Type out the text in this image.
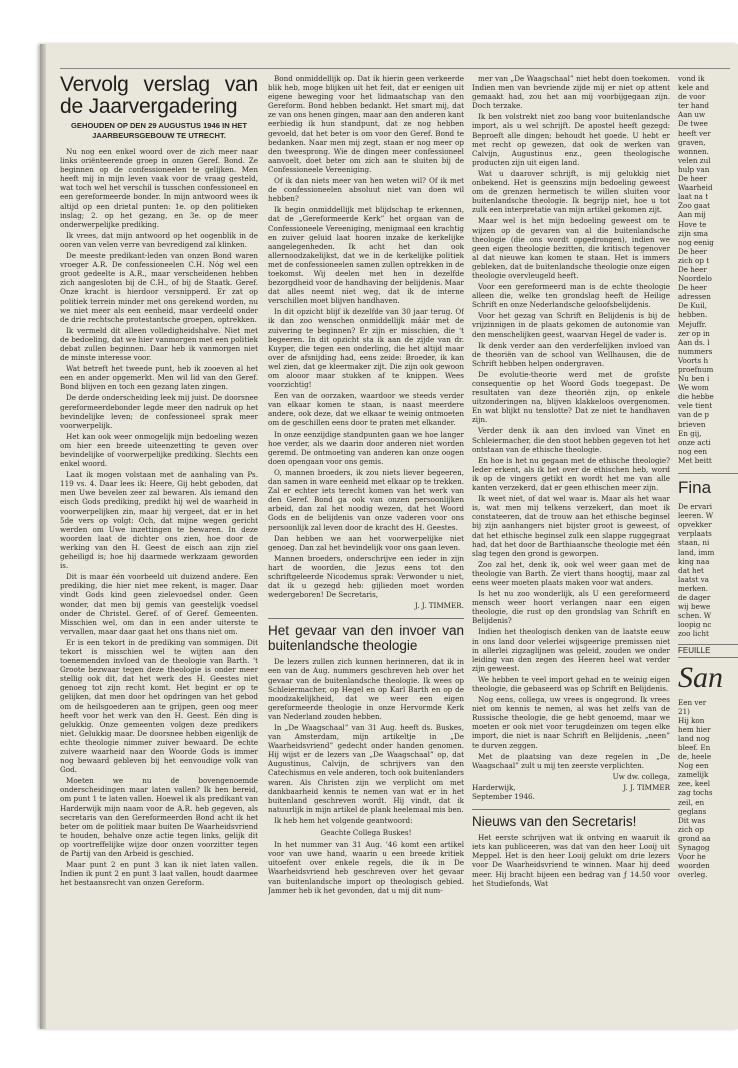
Vervolg verslag van de Jaarvergadering
GEHOUDEN OP DEN 29 AUGUSTUS 1946 IN HET JAARBEURSGEBOUW TE UTRECHT.

Nu nog een enkel woord over de zich meer naar links oriënteerende groep in onzen Geref. Bond. Ze beginnen op de confessioneelen te gelijken. Men heeft mij in mijn leven vaak voor de vraag gesteld, wat toch wel het verschil is tusschen confessioneel en een gereformeerde bonder. In mijn antwoord wees ik altijd op een drietal punten: 1e. op den politieken inslag; 2. op het gezang, en 3e. op de meer onderwerpelijke prediking.

Ik vrees, dat mijn antwoord op het oogenblik in de ooren van velen verre van bevredigend zal klinken.

De meeste predikant-leden van onzen Bond waren vroeger A.R. De confessioneelen C.H. Nóg wel een groot gedeelte is A.R., maar verscheidenen hebben zich aangesloten bij de C.H., of bij de Staatk. Geref. Onze kracht is hierdoor versnipperd. Er zat op politiek terrein minder met ons gerekend worden, nu we niet meer als een eenheid, maar verdeeld onder de drie rechtsche protestantsche groepen, optrekken.

Ik vermeld dit alleen volledigheidshalve. Niet met de bedoeling, dat we hier vanmorgen met een politiek debat zullen beginnen. Daar heb ik vanmorgen niet de minste interesse voor.

Wat betreft het tweede punt, heb ik zooeven al het een en ander opgemerkt. Men wil lid van den Geref. Bond blijven en toch een gezang laten zingen.

De derde onderscheiding leek mij juist. De doorsnee gereformeerdebonder legde meer den nadruk op het bevindelijke leven; de confessioneel sprak meer voorwerpelijk.

Het kan ook weer onmogelijk mijn bedoeling wezen om hier een breede uiteenzetting te geven over bevindelijke of voorwerpelijke prediking. Slechts een enkel woord.

Laat ik mogen volstaan met de aanhaling van Ps. 119 vs. 4. Daar lees ik: Heere, Gij hebt geboden, dat men Uwe bevelen zeer zal bewaren. Als iemand den eisch Gods prediking, predikt hij wel de waarheid in voorwerpelijken zin, maar hij vergeet, dat er in het 5de vers op volgt: Och, dat mijne wegen gericht werden om Uwe inzettingen te bewaren. In deze woorden laat de dichter ons zien, hoe door de werking van den H. Geest de eisch aan zijn ziel geheiligd is; hoe hij daarmede werkzaam geworden is.

Dit is maar één voorbeeld uit duizend andere. Een prediking, die hier niet mee rekent, is mager. Daar vindt Gods kind geen zielevoedsel onder. Geen wonder, dat men bij gemis van geestelijk voedsel onder de Christel. Geref. of of Geref. Gemeenten. Misschien wel, om dan in een ander uiterste te vervallen, maar daar gaat het ons thans niet om.

Er is een tekort in de prediking van sommigen. Dit tekort is misschien wel te wijten aan den toenemenden invloed van de theologie van Barth. 't Groote bezwaar tegen deze theologie is onder meer stellig ook dit, dat het werk des H. Geestes niet genoeg tot zijn recht komt. Het begint er op te gelijken, dat men door het opdringen van het gebod om de heilsgoederen aan te grijpen, geen oog meer heeft voor het werk van den H. Geest. Eén ding is gelukkig. Onze gemeenten volgen deze predikers niet. Gelukkig maar. De doorsnee hebben eigenlijk de echte theologie nimmer zuiver bewaard. De echte zuivere waarheid naar den Woorde Gods is immer nog bewaard gebleven bij het eenvoudige volk van God.

Moeten we nu de bovengenoemde onderscheidingen maar laten vallen? Ik ben bereid, om punt 1 te laten vallen. Hoewel ik als predikant van Harderwijk mijn naam voor de A.R. heb gegeven, als secretaris van den Gereformeerden Bond acht ik het beter om de politiek maar buiten De Waarheidsvriend te houden, behalve onze actie tegen links, gelijk dit op voortreffelijke wijze door onzen voorzitter tegen de Partij van den Arbeid is geschied.

Maar punt 2 en punt 3 kan ik niet laten vallen. Indien ik punt 2 en punt 3 laat vallen, houdt daarmee het bestaansrecht van onzen Gereform.

Bond onmiddellijk op. Dat ik hierin geen verkeerde blik heb, moge blijken uit het feit, dat er eenigen uit eigene beweging voor het lidmaatschap van den Gereform. Bond hebben bedankt. Het smart mij, dat ze van ons henen gingen, maar aan den anderen kant eerbiedig ik hun standpunt, dat ze nog hebben gevoeld, dat het beter is om voor den Geref. Bond te bedanken. Naar men mij zegt, staan er nog meer op den tweesprong. Wie de dingen meer confessioneel aanvoelt, doet beter om zich aan te sluiten bij de Confessioneele Vereeniging.

Of ik dan niets meer van hen weten wil? Of ik met de confessioneelen absoluut niet van doen wil hebben?

Ik begin onmiddellijk met blijdschap te erkennen, dat de „Gereformeerde Kerk” het orgaan van de Confessioneele Vereeniging, menigmaal een krachtig en zuiver geluid laat hooren inzake de kerkelijke aangelegenheden. Ik acht het dan ook allernoodzakelijkst, dat we in de kerkelijke politiek met de confessioneelen samen zullen optrekken in de toekomst. Wij deelen met hen in dezelfde bezorgdheid voor de handhaving der belijdenis. Maar dat alles neemt niet weg, dat ik de interne verschillen moet blijven handhaven.

In dit opzicht blijf ik dezelfde van 30 jaar terug. Of ik dan zoo wenschen onmiddellijk mâár met de zuivering te beginnen? Er zijn er misschien, die 't begeeren. In dit opzicht sta ik aan de zijde van dr. Kuyper, die tegen een onderling, die het altijd maar over de afsnijding had, eens zeide: Broeder, ik kan wel zien, dat ge kleermaker zijt. Die zijn ook gewoon om alooor maar stukken af te knippen. Wees voorzichtig!

Een van de oorzaken, waardoor we steeds verder van elkaar komen te staan, is naast meerdere andere, ook deze, dat we elkaar te weinig ontmoeten om de geschillen eens door te praten met elkander.

In onze eenzijdige standpunten gaan we hoe langer hoe verder, als we daarin door anderen niet worden geremd. De ontmoeting van anderen kan onze oogen doen opengaan voor ons gemis.

O, mannen broeders, ik zou niets liever begeeren, dan samen in ware eenheid met elkaar op te trekken. Zal er echter iets terecht komen van het werk van den Geref. Bond ga ook van onzen persoonlijken arbeid, dan zal het noodig wezen, dat het Woord Gods en de belijdenis van onze vaderen voor ons persoonlijk zal leven door de kracht des H. Geestes.

Dan hebben we aan het voorwerpelijke niet genoeg. Dan zal het bevindelijk voor ons gaan leven.

Mannen broeders, onderschrijve een ieder in zijn hart de woorden, die Jezus eens tot den schriftgeleerde Nicodemus sprak: Verwonder u niet, dat ik u gezegd heb: gijlieden moet worden wedergeboren! De Secretaris,

J. J. TIMMER.
Het gevaar van den invoer van buitenlandsche theologie

De lezers zullen zich kunnen herinneren, dat ik in een van de Aug. nummers geschreven heb over het gevaar van de buitenlandsche theologie. Ik wees op Schleiermacher, op Hegel en op Karl Barth en op de moodzakelijkheid, dat we weer een eigen gereformeerde theologie in onze Hervormde Kerk van Nederland zouden hebben.

In „De Waagschaal” van 31 Aug. heeft ds. Buskes, van Amsterdam, mijn artikeltje in „De Waarheidsvriend” gedecht onder handen genomen. Hij wijst er de lezers van „De Waagschaal” op, dat Augustinus, Calvijn, de schrijvers van den Catechismus en vele anderen, toch ook buitenlanders waren. Als Christen zijn we verplicht om met dankbaarheid kennis te nemen van wat er in het buitenland geschreven wordt. Hij vindt, dat ik natuurlijk in mijn artikel de plank heelemaal mis ben.

Ik heb hem het volgende geantwoord:

Geachte Collega Buskes!

In het nummer van 31 Aug. '46 komt een artikel voor van uwe hand, waarin u een breede kritiek uitoefent over enkele regels, die ik in De Waarheidsvriend heb geschreven over het gevaar van buitenlandsche import op theologisch gebied. Jammer heb ik het gevonden, dat u mij dit num-

mer van „De Waagschaal” niet hebt doen toekomen. Indien men van bevriende zijde mij er niet op attent gemaakt had, zou het aan mij voorbijgegaan zijn. Doch terzake.

Ik ben volstrekt niet zoo bang voor buitenlandsche import, als u wel schrijft. De apostel heeft gezegd: Beproeft alle dingen; behoudt het goede. U hebt er met recht op gewezen, dat ook de werken van Calvijn, Augustinus enz., geen theologische producten zijn uit eigen land.

Wat u daarover schrijft, is mij gelukkig niet onbekend. Het is geenszins mijn bedoeling geweest om de grenzen hermetisch te willen sluiten voor buitenlandsche theologie. Ik begrijp niet, hoe u tot zulk een interpretatie van mijn artikel gekomen zijt.

Maar wel is het mijn bedoeling geweest om te wijzen op de gevaren van al die buitenlandsche theologie (die ons wordt opgedrongen), indien we geen eigen theologie bezitten, die kritisch tegenover al dat nieuwe kan komen te staan. Het is immers gebleken, dat de buitenlandsche theologie onze eigen theologie overvleugeld heeft.

Voor een gereformeerd man is de echte theologie alleen die, welke ten grondslag heeft de Heilige Schrift en onze Nederlandsche geloofsbelijdenis.

Voor het gezag van Schrift en Belijdenis is bij de vrijzinnigen in de plaats gekomen de autonomie van den menschelijken geest, waarvan Hegel de vader is.

Ik denk verder aan den verderfelijken invloed van de theoriën van de school van Wellhausen, die de Schrift hebben helpen ondergraven.

De evolutie-theorie werd met de grofste consequentie op het Woord Gods toegepast. De resultaten van deze theoriën zijn, op enkele uitzonderingen na, blijven klakkeloos overgenomen. En wat blijkt nu tenslotte? Dat ze niet te handhaven zijn.

Verder denk ik aan den invloed van Vinet en Schleiermacher, die den stoot hebben gegeven tot het ontstaan van de ethische theologie.

En hoe is het nu gegaan met de ethische theologie? Ieder erkent, als ik het over de ethischen heb, word ik op de vingers getikt en wordt het me van alle kanten verzekerd, dat er geen ethischen meer zijn.

Ik weet niet, of dat wel waar is. Maar als het waar is, wat men mij telkens verzekert, dan moet ik constateeren, dat de trouw aan het ethische beginsel bij zijn aanhangers niet bijster groot is geweest, of dat het ethische beginsel zulk een slappe ruggegraat had, dat het door de Barthiaansche theologie met één slag tegen den grond is geworpen.

Zoo zal het, denk ik, ook wel weer gaan met de theologie van Barth. Ze viert thans hoogtij, maar zal eens weer moeten plaats maken voor wat anders.

Is het nu zoo wonderlijk, als U een gereformeerd mensch weer hoort verlangen naar een eigen theologie, die rust op den grondslag van Schrift en Belijdenis?

Indien het theologisch denken van de laatste eeuw in ons land door velerlei wijsgeerige premissen niet in allerlei zigzaglijnen was geleid, zouden we onder leiding van den zegen des Heeren heel wat verder zijn geweest.

We hebben te veel import gehad en te weinig eigen theologie, die gebaseerd was op Schrift en Belijdenis.

Nog eens, collega, uw vrees is ongegrond. Ik vrees niet om kennis te nemen, al was het zelfs van de Russische theologie, die ge hebt genoemd, maar we moeten er ook niet voor terugdeinzen om tegen elke import, die niet is naar Schrift en Belijdenis, „neen” te durven zeggen.

Met de plaatsing van deze regelen in „De Waagschaal” zult u mij ten zeerste verplichten.

Uw dw. collega,
Harderwijk,	J. J. TIMMER
September 1946.
Nieuws van den Secretaris!

Het eerste schrijven wat ik ontving en waaruit ik iets kan publiceeren, was dat van den heer Looij uit Meppel. Het is den heer Looij gelukt om drie lezers voor De Waarheidsvriend te winnen. Maar hij deed meer. Hij bracht bijeen een bedrag van ƒ 14.50 voor het Studiefonds, Wat

vond ik
kele and
de voor
ter hand
Aan uw
De twee
heeft ver
graven,
wonnen.
velen zul
hulp van
De heer
Waarheid
laat na t
Zoo gaat
Aan mij
Hove te
zijn sma
nog eenig
De heer
zich op t
De heer
Noordelo
De heer
adressen
De Kuil,
hebben.
Mejuffr.
zer op in
Aan ds. l
nummers
Voorts h
proefnum
Nu ben i
We wom
die hebbe
vele tient
van de p
brieven
En gij,
onze acti
nog een
Met beitt
Fina
De ervari
leeren. W
opvekker
verplaats
staan, ni
land, imm
king naa
dat het
laatst va
merken.
de dager
wij bewe
schen. W
loopig nc
zoo licht
FEUILLE
San
Een ver
21)
Hij kon
hem hier
land nog
bleef. En
de, heele
Nog een
zamelijk
zee, keel
zag tochs
zeil, en
geglans
Dit was
zich op
grond aa
Synagog
Voor he
woorden
overleg.
